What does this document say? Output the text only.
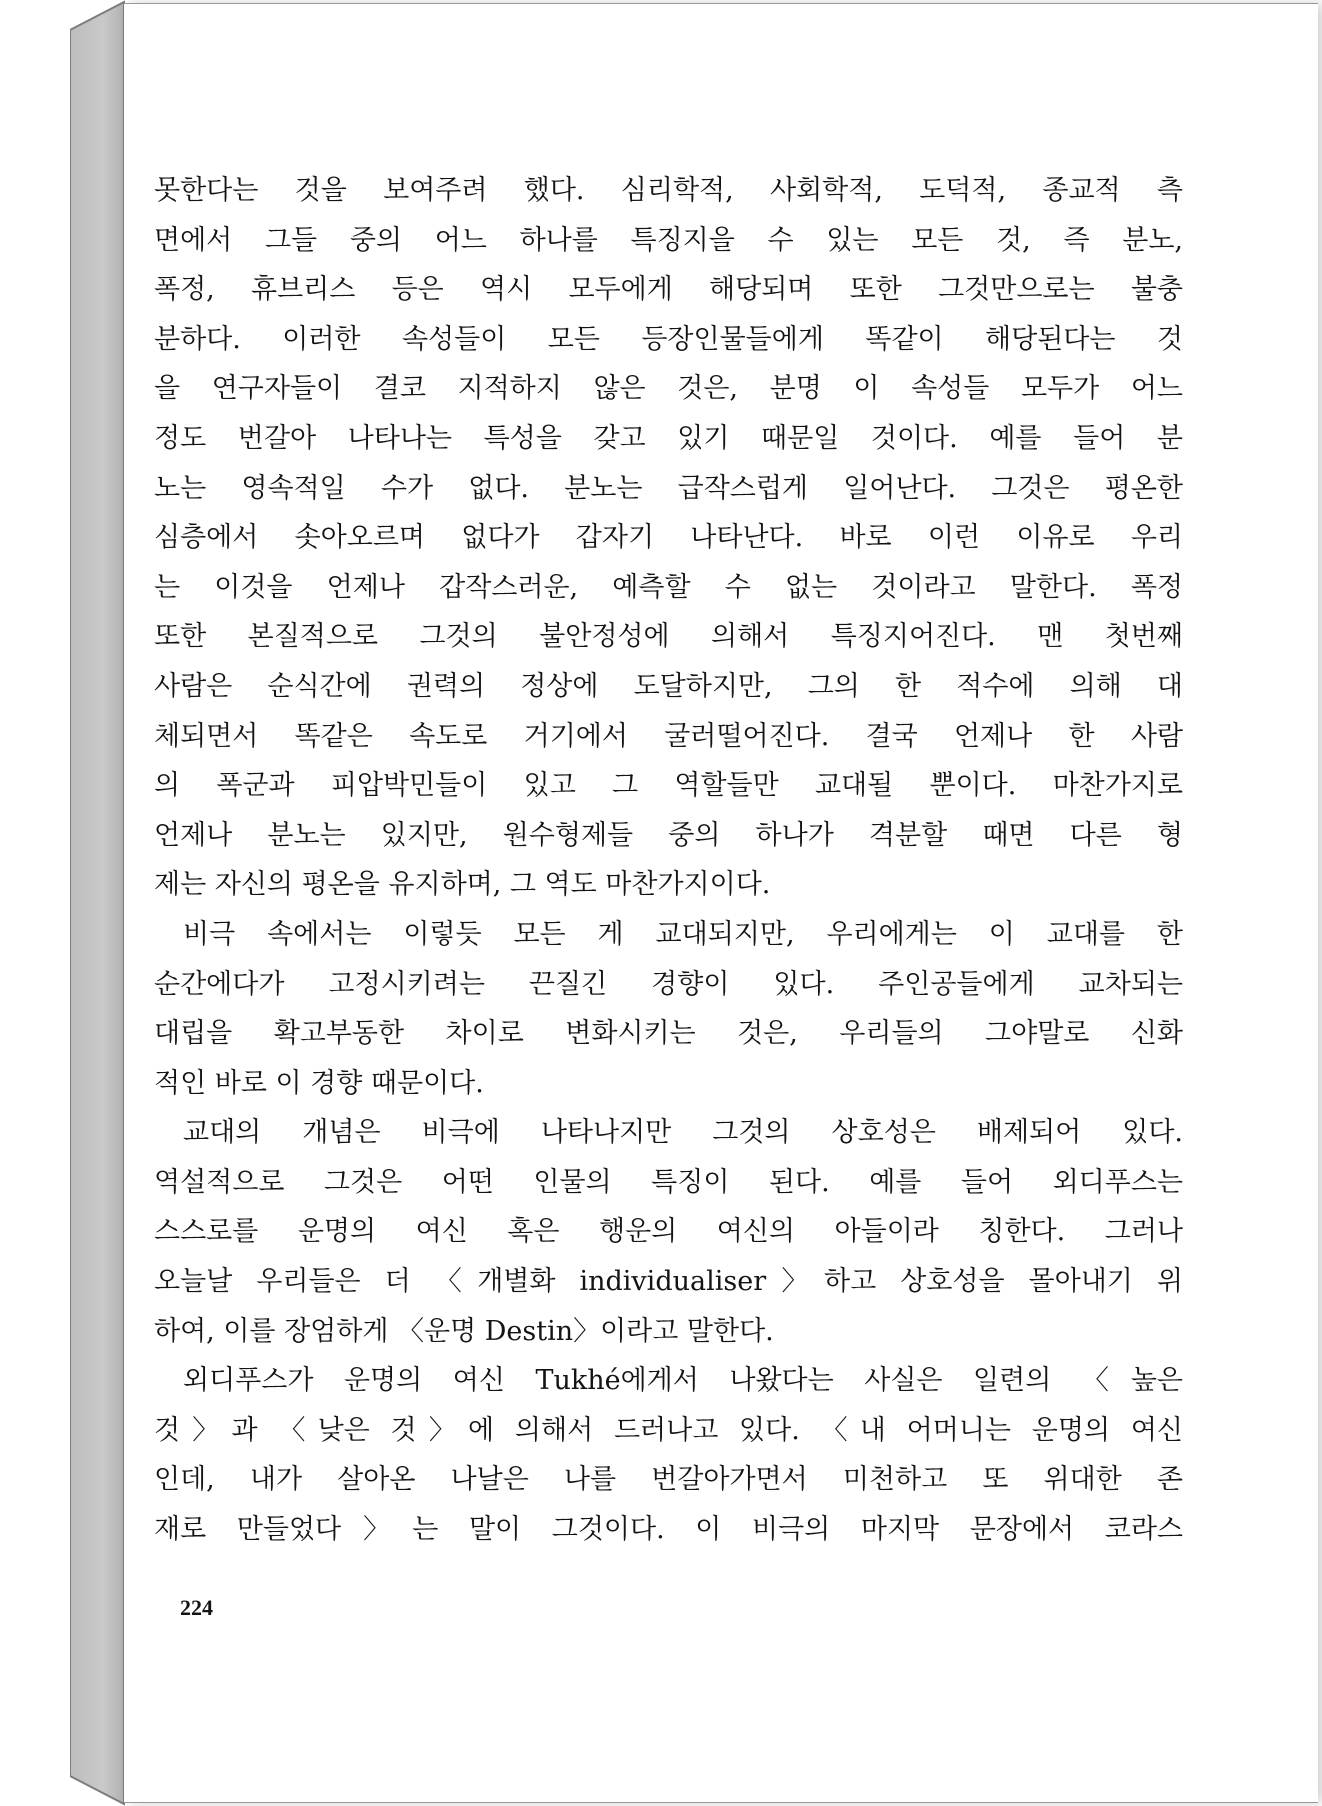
못한다는 것을 보여주려 했다. 심리학적, 사회학적, 도덕적, 종교적 측
면에서 그들 중의 어느 하나를 특징지을 수 있는 모든 것, 즉 분노,
폭정, 휴브리스 등은 역시 모두에게 해당되며 또한 그것만으로는 불충
분하다. 이러한 속성들이 모든 등장인물들에게 똑같이 해당된다는 것
을 연구자들이 결코 지적하지 않은 것은, 분명 이 속성들 모두가 어느
정도 번갈아 나타나는 특성을 갖고 있기 때문일 것이다. 예를 들어 분
노는 영속적일 수가 없다. 분노는 급작스럽게 일어난다. 그것은 평온한
심층에서 솟아오르며 없다가 갑자기 나타난다. 바로 이런 이유로 우리
는 이것을 언제나 갑작스러운, 예측할 수 없는 것이라고 말한다. 폭정
또한 본질적으로 그것의 불안정성에 의해서 특징지어진다. 맨 첫번째
사람은 순식간에 권력의 정상에 도달하지만, 그의 한 적수에 의해 대
체되면서 똑같은 속도로 거기에서 굴러떨어진다. 결국 언제나 한 사람
의 폭군과 피압박민들이 있고 그 역할들만 교대될 뿐이다. 마찬가지로
언제나 분노는 있지만, 원수형제들 중의 하나가 격분할 때면 다른 형
제는 자신의 평온을 유지하며, 그 역도 마찬가지이다.
비극 속에서는 이렇듯 모든 게 교대되지만, 우리에게는 이 교대를 한
순간에다가 고정시키려는 끈질긴 경향이 있다. 주인공들에게 교차되는
대립을 확고부동한 차이로 변화시키는 것은, 우리들의 그야말로 신화
적인 바로 이 경향 때문이다.
교대의 개념은 비극에 나타나지만 그것의 상호성은 배제되어 있다.
역설적으로 그것은 어떤 인물의 특징이 된다. 예를 들어 외디푸스는
스스로를 운명의 여신 혹은 행운의 여신의 아들이라 칭한다. 그러나
오늘날 우리들은 더 〈개별화 individualiser〉하고 상호성을 몰아내기 위
하여, 이를 장엄하게 〈운명 Destin〉이라고 말한다.
외디푸스가 운명의 여신 Tukhé에게서 나왔다는 사실은 일련의 〈높은
것〉과 〈낮은 것〉에 의해서 드러나고 있다. 〈내 어머니는 운명의 여신
인데, 내가 살아온 나날은 나를 번갈아가면서 미천하고 또 위대한 존
재로 만들었다〉는 말이 그것이다. 이 비극의 마지막 문장에서 코라스
224
